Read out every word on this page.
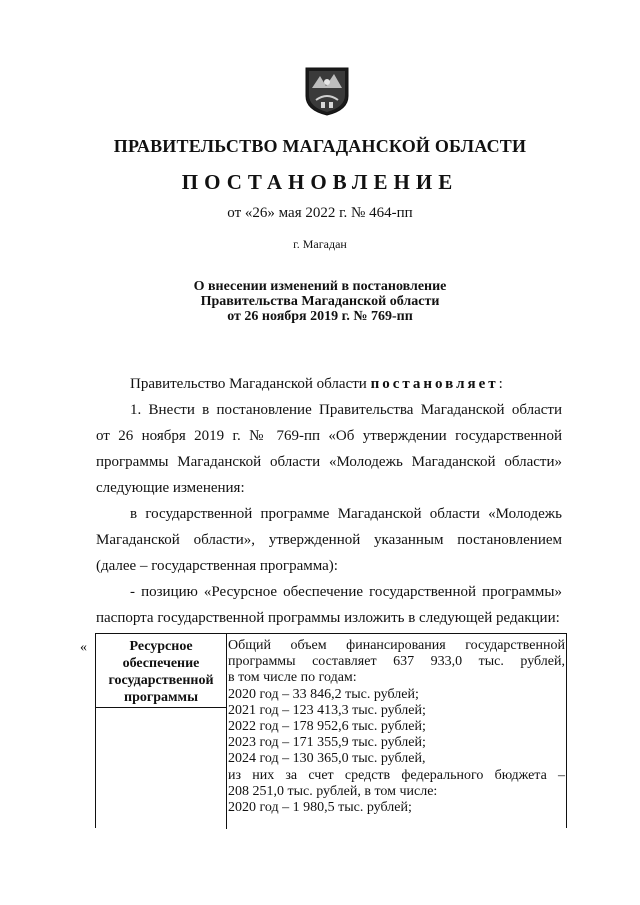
ПРАВИТЕЛЬСТВО МАГАДАНСКОЙ ОБЛАСТИ
ПОСТАНОВЛЕНИЕ
от «26» мая 2022 г. № 464-пп
г. Магадан
О внесении изменений в постановление
Правительства Магаданской области
от 26 ноября 2019 г. № 769-пп
Правительство Магаданской области постановляет:
1. Внести в постановление Правительства Магаданской области
от 26 ноября 2019 г. № 769-пп «Об утверждении государственной
программы Магаданской области «Молодежь Магаданской области»
следующие изменения:
в государственной программе Магаданской области «Молодежь
Магаданской области», утвержденной указанным постановлением
(далее – государственная программа):
- позицию «Ресурсное обеспечение государственной программы»
паспорта государственной программы изложить в следующей редакции:
«	Ресурсное
обеспечение
государственной
программы
Общий объем финансирования государственной
программы составляет 637 933,0 тыс. рублей,
в том числе по годам:
2020 год – 33 846,2 тыс. рублей;
2021 год – 123 413,3 тыс. рублей;
2022 год – 178 952,6 тыс. рублей;
2023 год – 171 355,9 тыс. рублей;
2024 год – 130 365,0 тыс. рублей,
из них за счет средств федерального бюджета –
208 251,0 тыс. рублей, в том числе:
2020 год – 1 980,5 тыс. рублей;
